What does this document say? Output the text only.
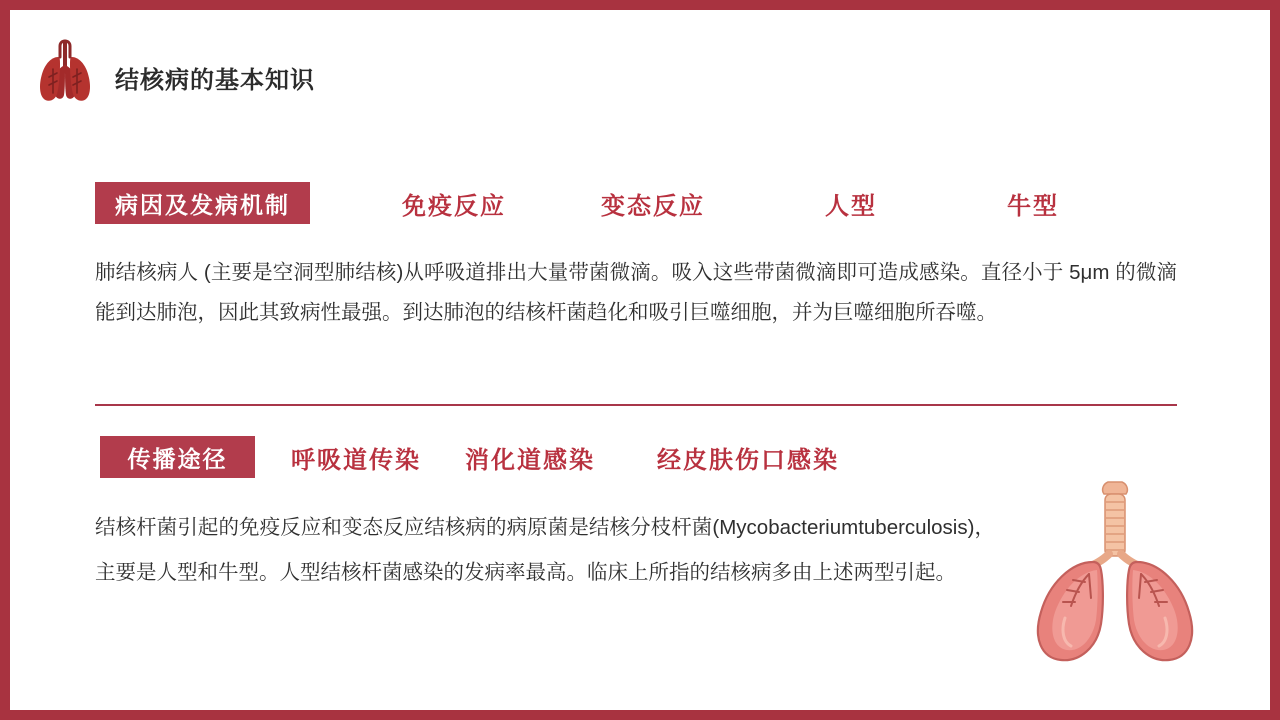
结核病的基本知识
病因及发病机制	免疫反应	变态反应	人型	牛型
肺结核病人 (主要是空洞型肺结核)从呼吸道排出大量带菌微滴。吸入这些带菌微滴即可造成感染。直径小于 5μm 的微滴能到达肺泡，因此其致病性最强。到达肺泡的结核杆菌趋化和吸引巨噬细胞，并为巨噬细胞所吞噬。
传播途径	呼吸道传染 消化道感染	经皮肤伤口感染
结核杆菌引起的免疫反应和变态反应结核病的病原菌是结核分枝杆菌(Mycobacteriumtuberculosis)，主要是人型和牛型。人型结核杆菌感染的发病率最高。临床上所指的结核病多由上述两型引起。
